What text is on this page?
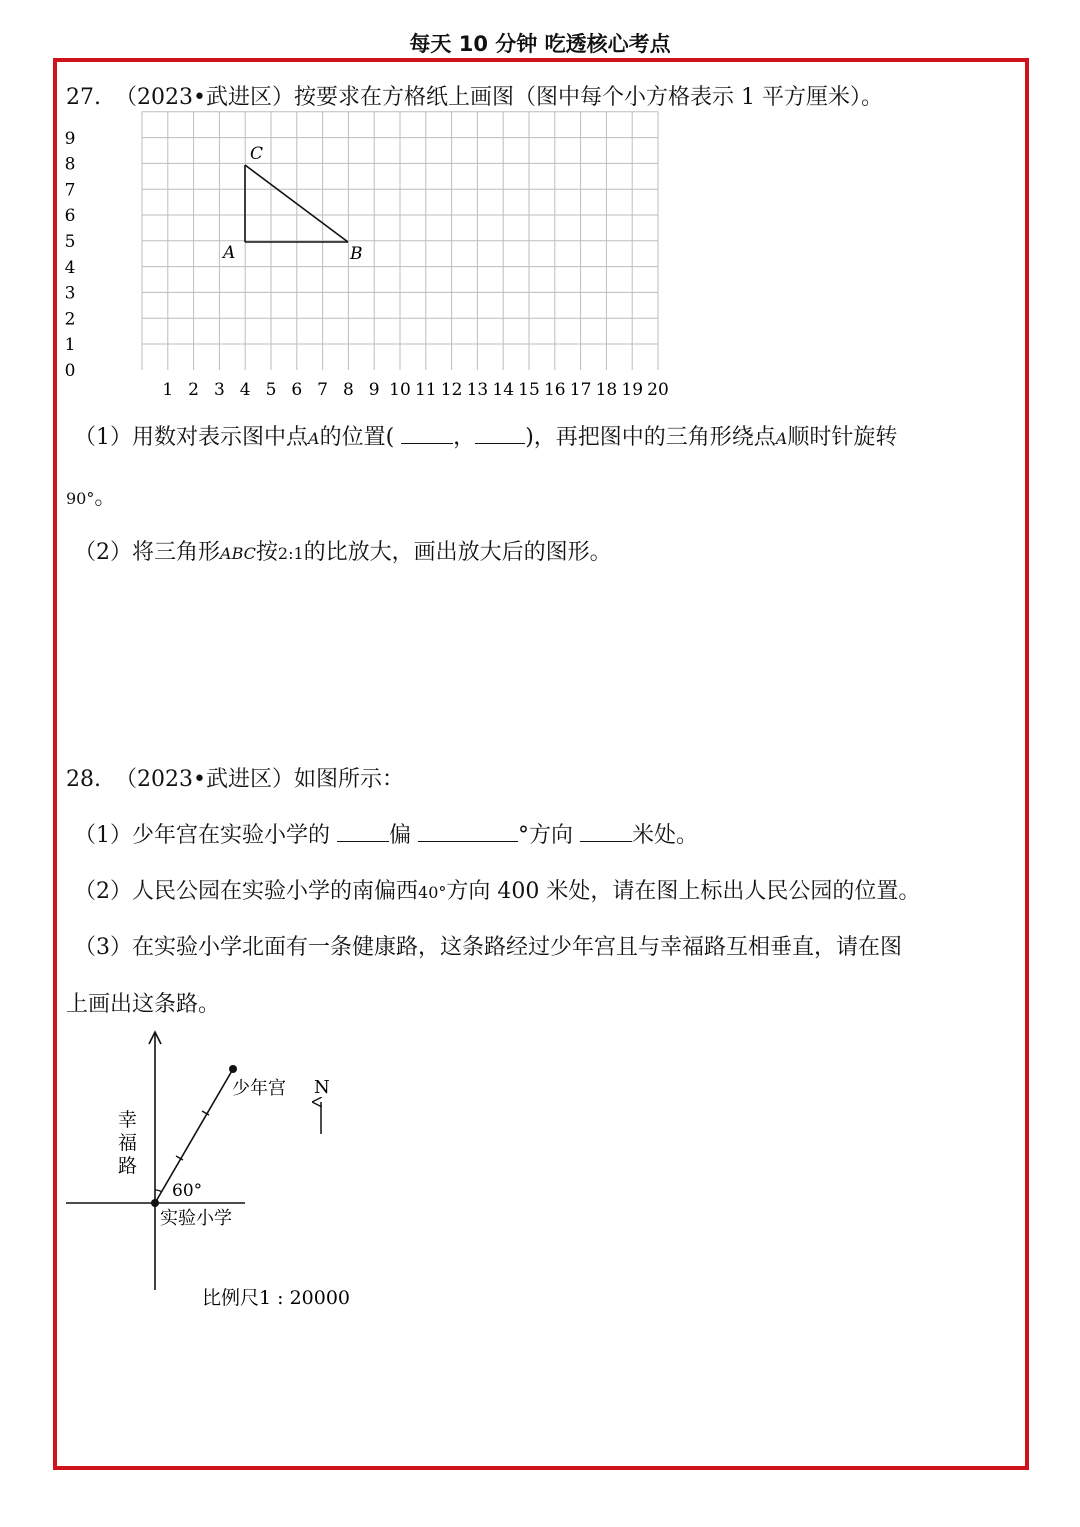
每天 10 分钟 吃透核心考点
27. （2023•武进区）按要求在方格纸上画图（图中每个小方格表示 1 平方厘米）。
C
A	B
1 2 3 4 5 6 7 8 9 10 11 12 13 14 15 16 17 18 19 20
0
1
2
3
4
5
6
7
8
9
（1）用数对表示图中点A的位置(	， )，再把图中的三角形绕点A顺时针旋转
90°。
（2）将三角形ABC按2:1的比放大，画出放大后的图形。
28. （2023•武进区）如图所示：
（1）少年宫在实验小学的	偏	°方向	米处。
（2）人民公园在实验小学的南偏西40°方向 400 米处，请在图上标出人民公园的位置。
（3）在实验小学北面有一条健康路，这条路经过少年宫且与幸福路互相垂直，请在图
上画出这条路。
幸
福
路
少年宫
60°
实验小学
N
比例尺1 : 20000
